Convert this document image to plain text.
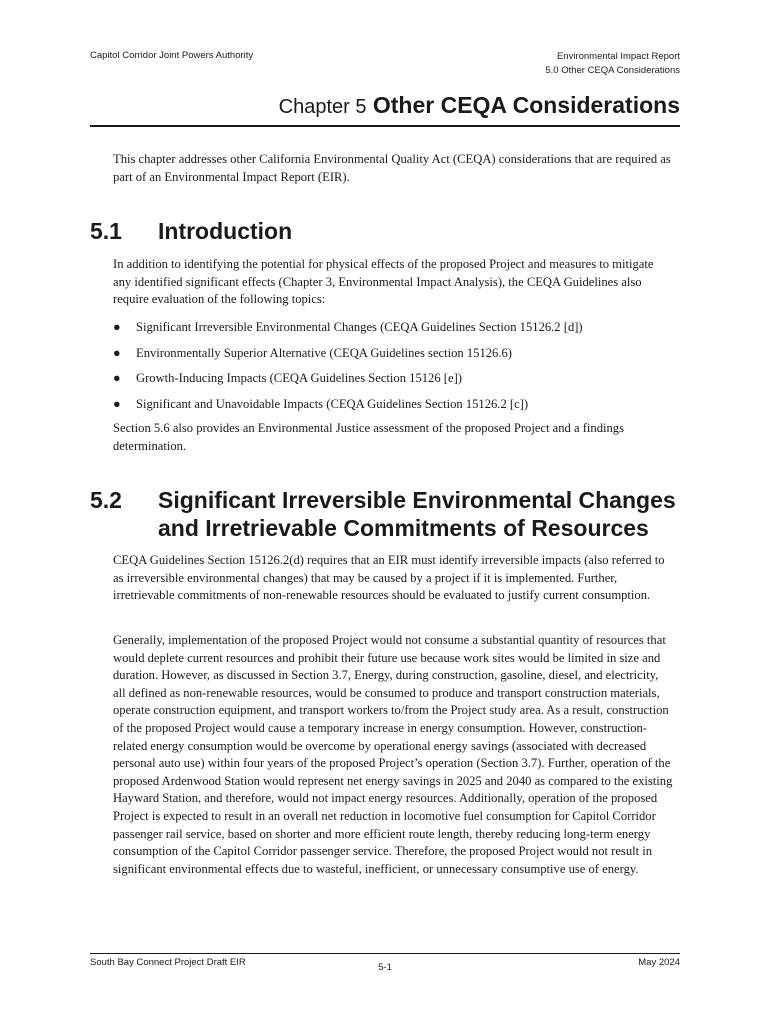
Capitol Corridor Joint Powers Authority	Environmental Impact Report
5.0 Other CEQA Considerations
Chapter 5 Other CEQA Considerations

This chapter addresses other California Environmental Quality Act (CEQA) considerations that are required as part of an Environmental Impact Report (EIR).

5.1 Introduction

In addition to identifying the potential for physical effects of the proposed Project and measures to mitigate any identified significant effects (Chapter 3, Environmental Impact Analysis), the CEQA Guidelines also require evaluation of the following topics:

● Significant Irreversible Environmental Changes (CEQA Guidelines Section 15126.2 [d])
● Environmentally Superior Alternative (CEQA Guidelines section 15126.6)
● Growth-Inducing Impacts (CEQA Guidelines Section 15126 [e])
● Significant and Unavoidable Impacts (CEQA Guidelines Section 15126.2 [c])

Section 5.6 also provides an Environmental Justice assessment of the proposed Project and a findings determination.

5.2 Significant Irreversible Environmental Changes and Irretrievable Commitments of Resources

CEQA Guidelines Section 15126.2(d) requires that an EIR must identify irreversible impacts (also referred to as irreversible environmental changes) that may be caused by a project if it is implemented. Further, irretrievable commitments of non-renewable resources should be evaluated to justify current consumption.

Generally, implementation of the proposed Project would not consume a substantial quantity of resources that would deplete current resources and prohibit their future use because work sites would be limited in size and duration. However, as discussed in Section 3.7, Energy, during construction, gasoline, diesel, and electricity, all defined as non-renewable resources, would be consumed to produce and transport construction materials, operate construction equipment, and transport workers to/from the Project study area. As a result, construction of the proposed Project would cause a temporary increase in energy consumption. However, construction-related energy consumption would be overcome by operational energy savings (associated with decreased personal auto use) within four years of the proposed Project’s operation (Section 3.7). Further, operation of the proposed Ardenwood Station would represent net energy savings in 2025 and 2040 as compared to the existing Hayward Station, and therefore, would not impact energy resources. Additionally, operation of the proposed Project is expected to result in an overall net reduction in locomotive fuel consumption for Capitol Corridor passenger rail service, based on shorter and more efficient route length, thereby reducing long-term energy consumption of the Capitol Corridor passenger service. Therefore, the proposed Project would not result in significant environmental effects due to wasteful, inefficient, or unnecessary consumptive use of energy.

South Bay Connect Project Draft EIR	5-1	May 2024
